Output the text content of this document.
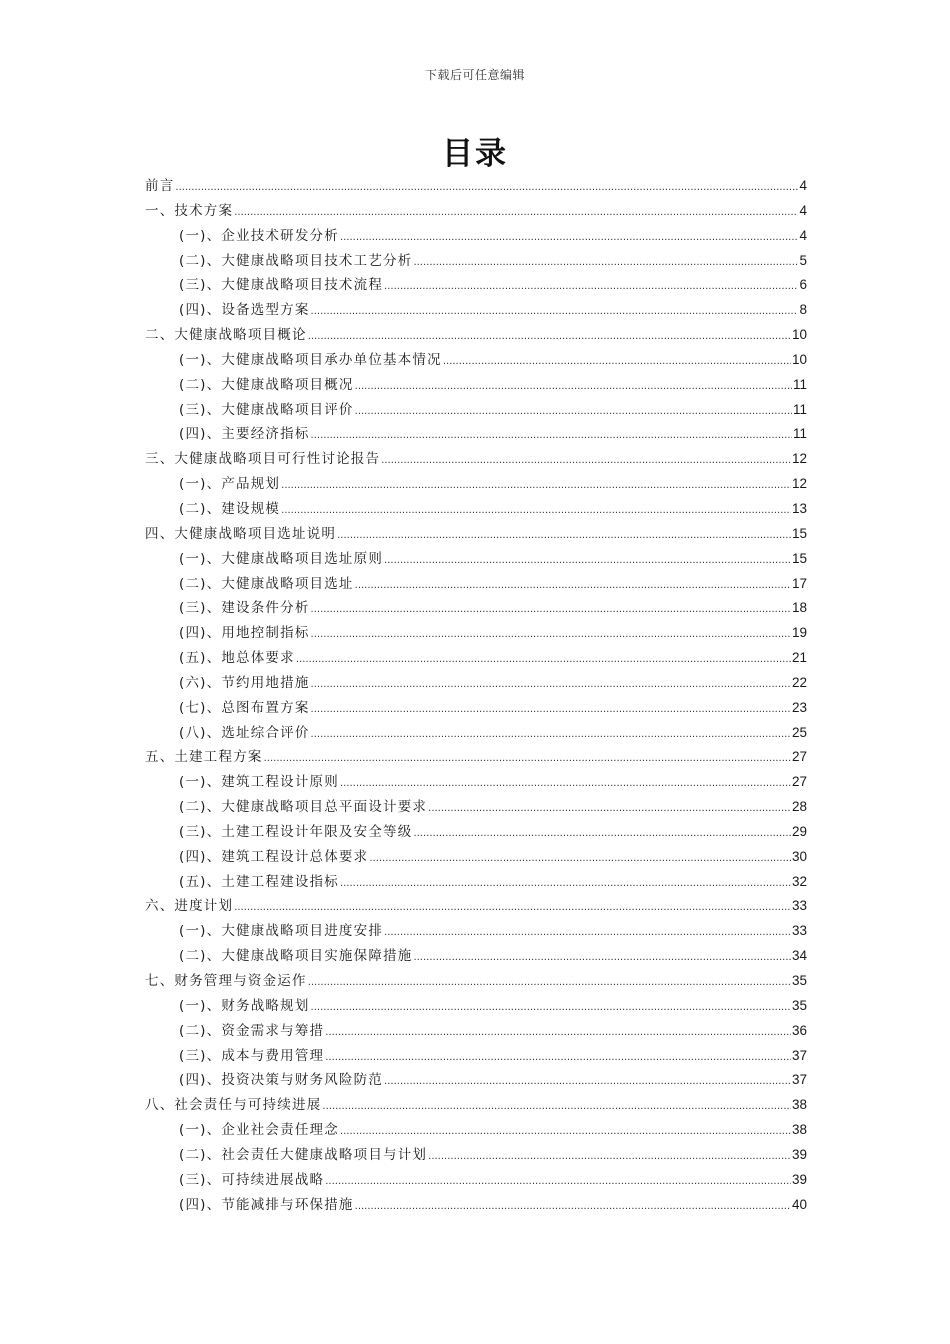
下载后可任意编辑
目录
前言 .....	4
一、技术方案 .....	4
(一)、企业技术研发分析 .....	4
(二)、大健康战略项目技术工艺分析 .....	5
(三)、大健康战略项目技术流程 .....	6
(四)、设备选型方案 .....	8
二、大健康战略项目概论 .....	10
(一)、大健康战略项目承办单位基本情况 .....	10
(二)、大健康战略项目概况 .....	11
(三)、大健康战略项目评价 .....	11
(四)、主要经济指标 .....	11
三、大健康战略项目可行性讨论报告 .....	12
(一)、产品规划 .....	12
(二)、建设规模 .....	13
四、大健康战略项目选址说明 .....	15
(一)、大健康战略项目选址原则 .....	15
(二)、大健康战略项目选址 .....	17
(三)、建设条件分析 .....	18
(四)、用地控制指标 .....	19
(五)、地总体要求 .....	21
(六)、节约用地措施 .....	22
(七)、总图布置方案 .....	23
(八)、选址综合评价 .....	25
五、土建工程方案 .....	27
(一)、建筑工程设计原则 .....	27
(二)、大健康战略项目总平面设计要求 .....	28
(三)、土建工程设计年限及安全等级 .....	29
(四)、建筑工程设计总体要求 .....	30
(五)、土建工程建设指标 .....	32
六、进度计划 .....	33
(一)、大健康战略项目进度安排 .....	33
(二)、大健康战略项目实施保障措施 .....	34
七、财务管理与资金运作 .....	35
(一)、财务战略规划 .....	35
(二)、资金需求与筹措 .....	36
(三)、成本与费用管理 .....	37
(四)、投资决策与财务风险防范 .....	37
八、社会责任与可持续进展 .....	38
(一)、企业社会责任理念 .....	38
(二)、社会责任大健康战略项目与计划 .....	39
(三)、可持续进展战略 .....	39
(四)、节能减排与环保措施 .....	40
